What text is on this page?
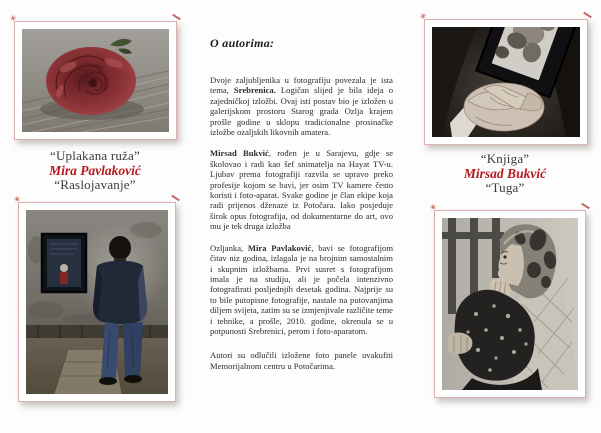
✳
“Uplakana ruža”
Mira Pavlaković
“Raslojavanje”
✳
O autorima:

Dvoje zaljubljenika u fotografiju povezala je ista tema, Srebrenica. Logičan slijed je bila ideja o zajedničkoj izložbi. Ovaj isti postav bio je izložen u galerijskom prostoru Starog grada Ozlja krajem prošle godine u sklopu tradicionalne prosinačke izložbe ozaljskih likovnih amatera.

Mirsad Bukvić, rođen je u Sarajevu, gdje se školovao i radi kao šef snimatelja na Hayat TV-u. Ljubav prema fotografiji razvila se upravo preko profesije kojom se bavi, jer osim TV kamere često koristi i foto-aparat. Svake godine je član ekipe koja radi prijenos dženaze iz Potočara. Iako posjeduje širok opus fotografija, od dokumentarne do art, ovo mu je tek druga izložba

Ozljanka, Mira Pavlaković, bavi se fotografijom čitav niz godina, izlagala je na brojnim samostalnim i skupnim izložbama. Prvi susret s fotografijom imala je na studiju, ali je počela intenzivno fotografirati posljednjih desetak godina. Najprije su to bile putopisne fotografije, nastale na putovanjima diljem svijeta, zatim su se izmjenjivale različite teme i tehnike, a prošle, 2010. godine, okrenula se u potpunosti Srebrenici, perom i foto-aparatom.

Autori su odlučili izložene foto panele uvakufiti Memorijalnom centru u Potočarima.

✳
“Knjiga”
Mirsad Bukvić
“Tuga”
✳
